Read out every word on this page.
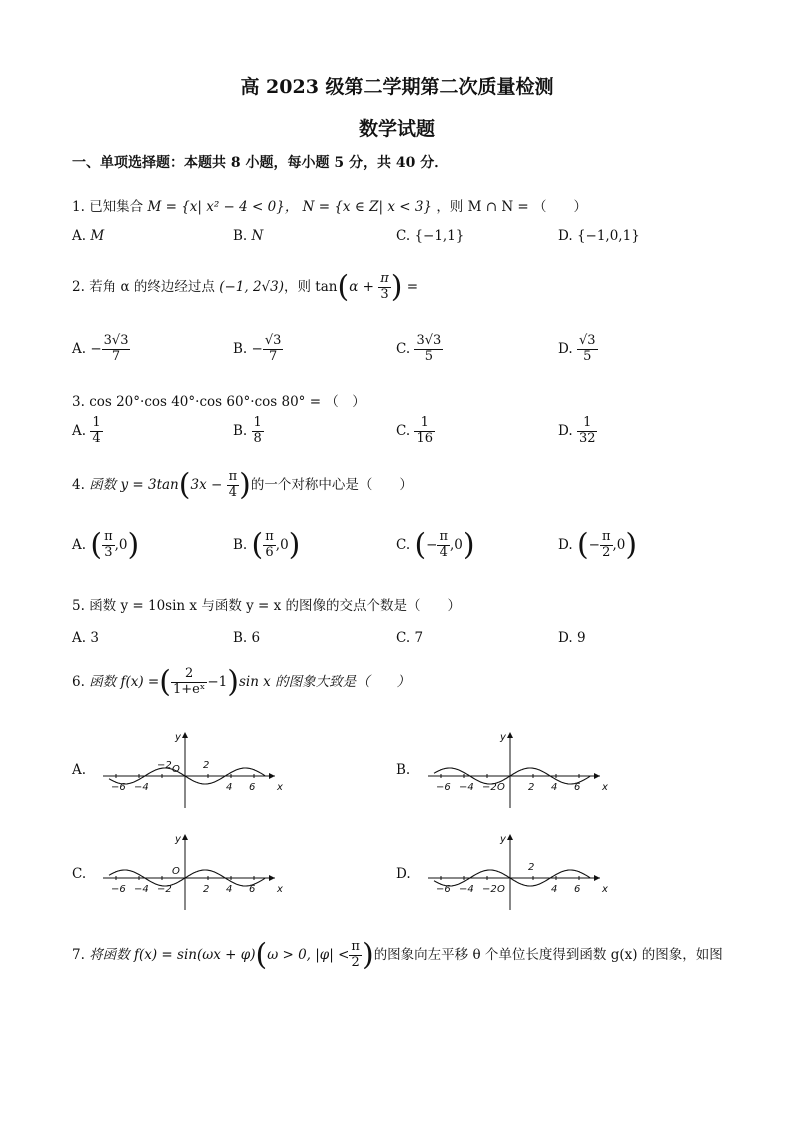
高 2023 级第二学期第二次质量检测
数学试题
一、单项选择题：本题共 8 小题，每小题 5 分，共 40 分．
1. 已知集合 M = {x| x² − 4 < 0}， N = {x ∈ Z| x < 3} ，则 M ∩ N = （　　）
A. M	B. N	C. {−1,1}	D. {−1,0,1}
2. 若角 α 的终边经过点 (−1, 2√3)，则 $\tan(\alpha + \frac{\pi}{3}$ ) =
A. − $\frac{3√3}{7}$	B. − $\frac{√3}{7}$	C. $\frac{3√3}{5}$	D. $\frac{√3}{5}$
3. cos 20°·cos 40°·cos 60°·cos 80° = （　）
A. $\frac{1}{4}$	B. $\frac{1}{8}$	C. $\frac{1}{16}$	D. $\frac{1}{32}$
4. 函数 $y = 3\tan(3x - \frac{\pi}{4}$ )的一个对称中心是（　　）
A. ( $\frac{\pi}{3} ,0$)	B. ( $\frac{\pi}{6} ,0$)	C. (− $\frac{\pi}{4} ,0$)	D. (− $\frac{\pi}{2} ,0$)
5. 函数 y = 10sin x 与函数 y = x 的图像的交点个数是（　　）
A. 3	B. 6	C. 7	D. 9
6. 函数 f(x) =( $\frac{2}{\text{1+eˣ}} -1)\sin$ x 的图象大致是（　　）
A.	B.
C.	D.
y
x
O
−6 −4
−2	2
4 6
y
x
O
−6 −4 −2	2 4 6
y
x
O
−6 −4 −2	2 4 6
y
x
O
−6 −4 −2
2
4 6
7. 将函数 f(x) = sin(ωx + φ)(ω > 0, $|\varphi| < \frac{\pi}{2}$ )的图象向左平移 θ 个单位长度得到函数 g(x) 的图象，如图
